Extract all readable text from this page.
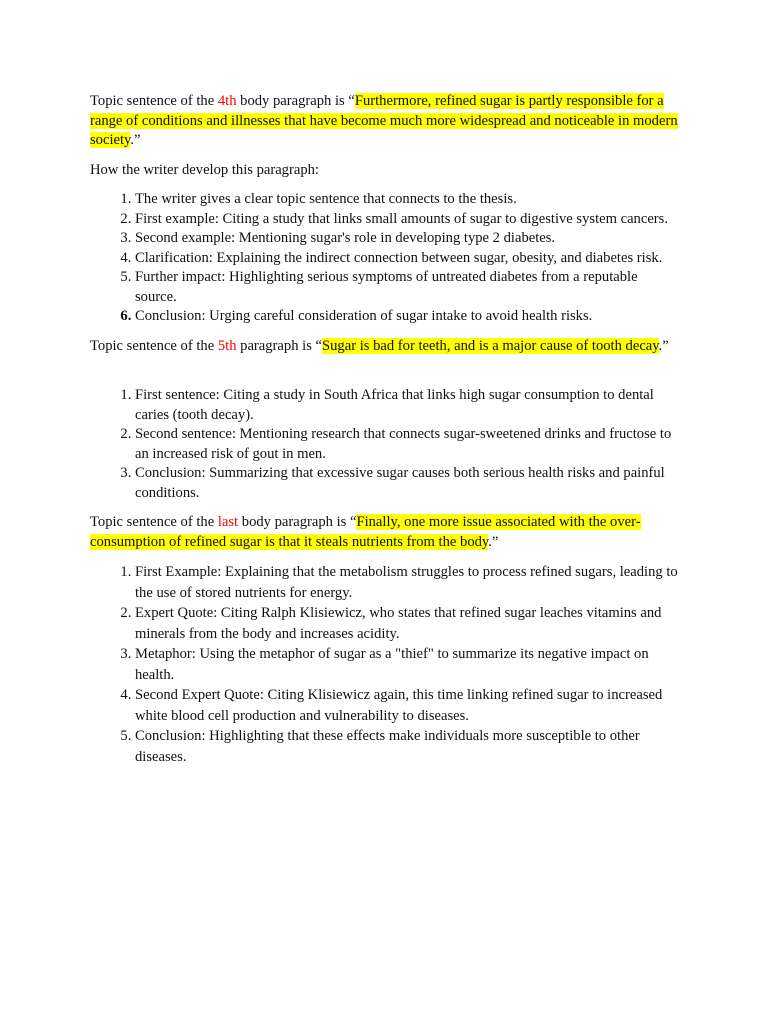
Topic sentence of the 4th body paragraph is “Furthermore, refined sugar is partly responsible for a range of conditions and illnesses that have become much more widespread and noticeable in modern society.”

How the writer develop this paragraph:

1. The writer gives a clear topic sentence that connects to the thesis.
2. First example: Citing a study that links small amounts of sugar to digestive system cancers.
3. Second example: Mentioning sugar's role in developing type 2 diabetes.
4. Clarification: Explaining the indirect connection between sugar, obesity, and diabetes risk.
5. Further impact: Highlighting serious symptoms of untreated diabetes from a reputable source.
6. Conclusion: Urging careful consideration of sugar intake to avoid health risks.

Topic sentence of the 5th paragraph is “Sugar is bad for teeth, and is a major cause of tooth decay.”

1. First sentence: Citing a study in South Africa that links high sugar consumption to dental caries (tooth decay).
2. Second sentence: Mentioning research that connects sugar-sweetened drinks and fructose to an increased risk of gout in men.
3. Conclusion: Summarizing that excessive sugar causes both serious health risks and painful conditions.

Topic sentence of the last body paragraph is “Finally, one more issue associated with the over-consumption of refined sugar is that it steals nutrients from the body.”

1. First Example: Explaining that the metabolism struggles to process refined sugars, leading to the use of stored nutrients for energy.
2. Expert Quote: Citing Ralph Klisiewicz, who states that refined sugar leaches vitamins and minerals from the body and increases acidity.
3. Metaphor: Using the metaphor of sugar as a "thief" to summarize its negative impact on health.
4. Second Expert Quote: Citing Klisiewicz again, this time linking refined sugar to increased white blood cell production and vulnerability to diseases.
5. Conclusion: Highlighting that these effects make individuals more susceptible to other diseases.
